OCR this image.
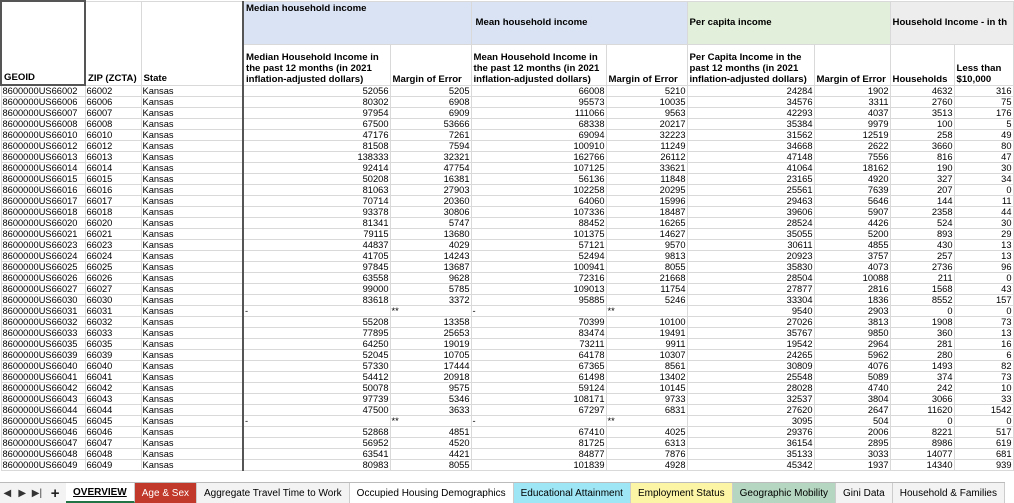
GEOID	ZIP (ZCTA)	State	Median household income		Mean household income		Per capita income		Household Income - in th	
			Median Household Income in the past 12 months (in 2021 inflation-adjusted dollars)	Margin of Error	Mean Household Income in the past 12 months (in 2021 inflation-adjusted dollars)	Margin of Error	Per Capita Income in the past 12 months (in 2021 inflation-adjusted dollars)	Margin of Error	Households	Less than $10,000
8600000US66002	66002	Kansas	52056	5205	66008	5210	24284	1902	4632	316
8600000US66006	66006	Kansas	80302	6908	95573	10035	34576	3311	2760	75
8600000US66007	66007	Kansas	97954	6909	111066	9563	42293	4037	3513	176
8600000US66008	66008	Kansas	67500	53666	68338	20217	35384	9979	100	5
8600000US66010	66010	Kansas	47176	7261	69094	32223	31562	12519	258	49
8600000US66012	66012	Kansas	81508	7594	100910	11249	34668	2622	3660	80
8600000US66013	66013	Kansas	138333	32321	162766	26112	47148	7556	816	47
8600000US66014	66014	Kansas	92414	47754	107125	33621	41064	18162	190	30
8600000US66015	66015	Kansas	50208	16381	56136	11848	23165	4920	327	34
8600000US66016	66016	Kansas	81063	27903	102258	20295	25561	7639	207	0
8600000US66017	66017	Kansas	70714	20360	64060	15996	29463	5646	144	11
8600000US66018	66018	Kansas	93378	30806	107336	18487	39606	5907	2358	44
8600000US66020	66020	Kansas	81341	5747	88452	16265	28524	4426	524	30
8600000US66021	66021	Kansas	79115	13680	101375	14627	35055	5200	893	29
8600000US66023	66023	Kansas	44837	4029	57121	9570	30611	4855	430	13
8600000US66024	66024	Kansas	41705	14243	52494	9813	20923	3757	257	13
8600000US66025	66025	Kansas	97845	13687	100941	8055	35830	4073	2736	96
8600000US66026	66026	Kansas	63558	9628	72316	21668	28504	10088	211	0
8600000US66027	66027	Kansas	99000	5785	109013	11754	27877	2816	1568	43
8600000US66030	66030	Kansas	83618	3372	95885	5246	33304	1836	8552	157
8600000US66031	66031	Kansas	-	**	-	**	9540	2903	0	0
8600000US66032	66032	Kansas	55208	13358	70399	10100	27026	3813	1908	73
8600000US66033	66033	Kansas	77895	25653	83474	19491	35767	9850	360	13
8600000US66035	66035	Kansas	64250	19019	73211	9911	19542	2964	281	16
8600000US66039	66039	Kansas	52045	10705	64178	10307	24265	5962	280	6
8600000US66040	66040	Kansas	57330	17444	67365	8561	30809	4076	1493	82
8600000US66041	66041	Kansas	54412	20918	61498	13402	25548	5089	374	73
8600000US66042	66042	Kansas	50078	9575	59124	10145	28028	4740	242	10
8600000US66043	66043	Kansas	97739	5346	108171	9733	32537	3804	3066	33
8600000US66044	66044	Kansas	47500	3633	67297	6831	27620	2647	11620	1542
8600000US66045	66045	Kansas	-	**	-	**	3095	504	0	0
8600000US66046	66046	Kansas	52868	4851	67410	4025	29376	2006	8221	517
8600000US66047	66047	Kansas	56952	4520	81725	6313	36154	2895	8986	619
8600000US66048	66048	Kansas	63541	4421	84877	7876	35133	3033	14077	681
8600000US66049	66049	Kansas	80983	8055	101839	4928	45342	1937	14340	939
◀ ▶ ▶| +	OVERVIEW	Age & Sex	Aggregate Travel Time to Work	Occupied Housing Demographics	Educational Attainment	Employment Status	Geographic Mobility	Gini Data	Household & Families
